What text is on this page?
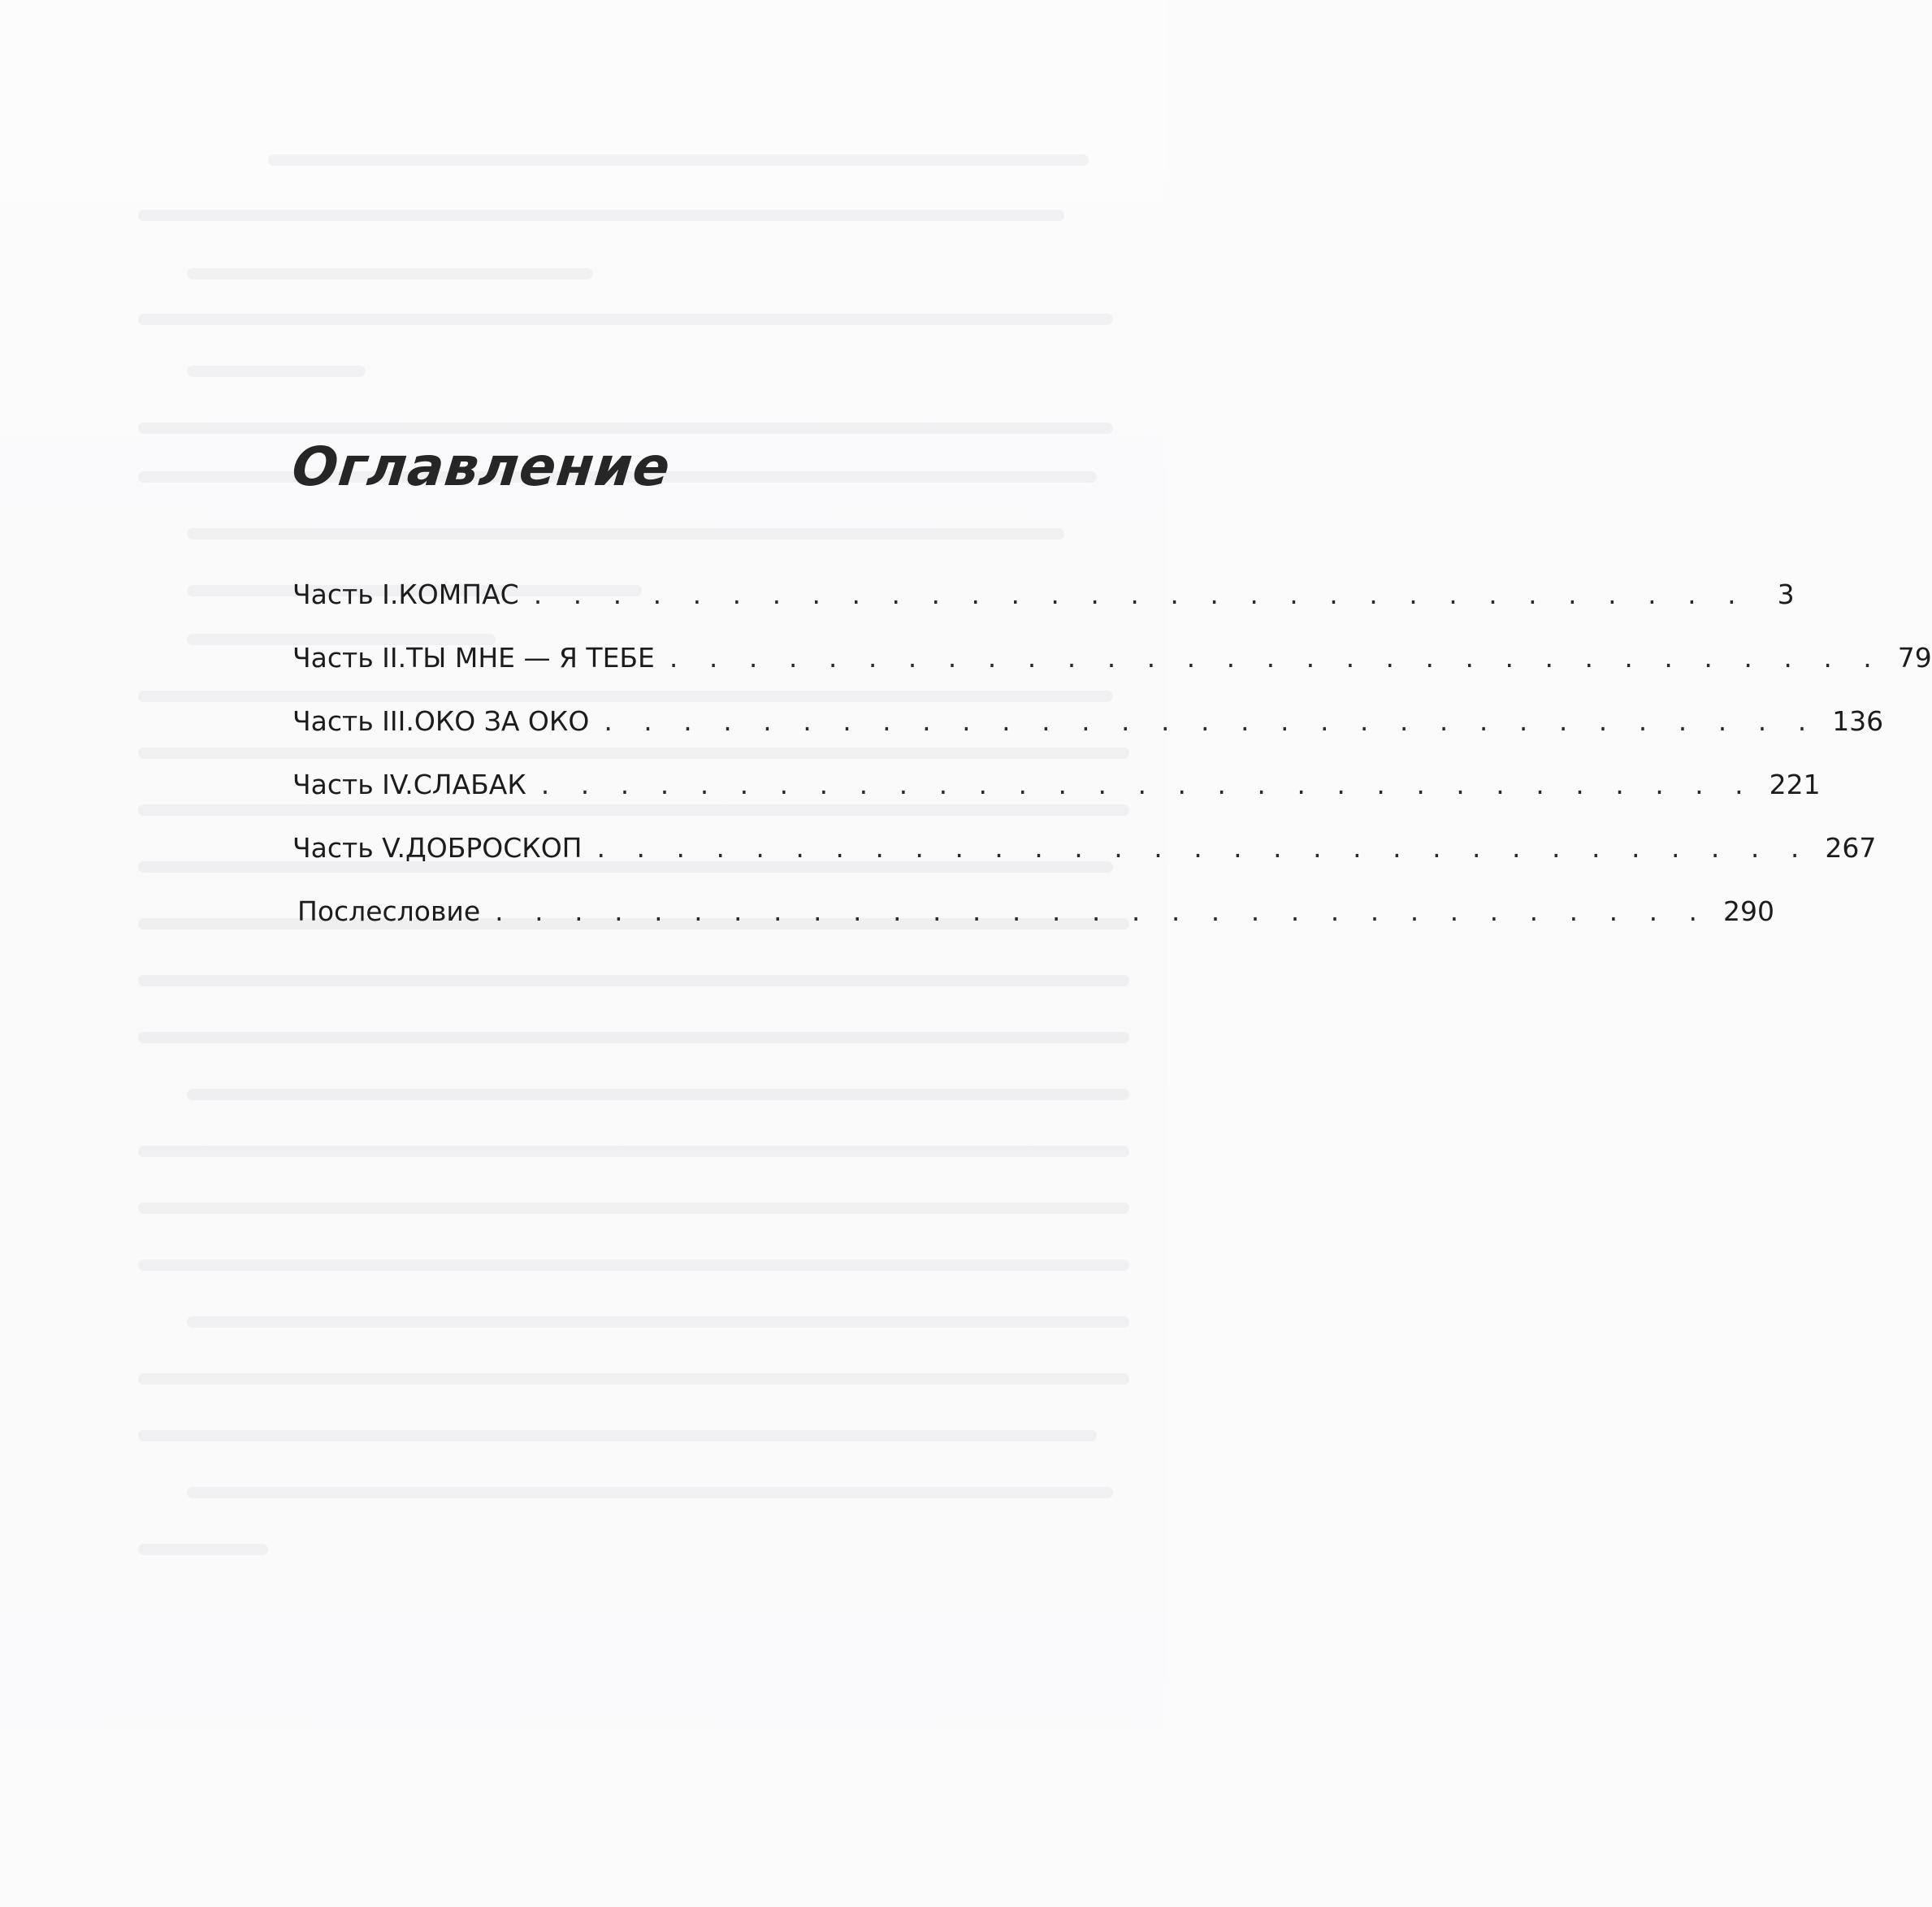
Оглавление
Часть I. КОМПАС . . . . . . . . . . . . . . . . . . . . . . . . . . . . . . .	3
Часть II. ТЫ МНЕ — Я ТЕБЕ . . . . . . . . . . . . . . . . . . . . . . . . . . . . . . . 79
Часть III. ОКО ЗА ОКО . . . . . . . . . . . . . . . . . . . . . . . . . . . . . . . 136
Часть IV. СЛАБАК . . . . . . . . . . . . . . . . . . . . . . . . . . . . . . . 221
Часть V. ДОБРОСКОП . . . . . . . . . . . . . . . . . . . . . . . . . . . . . . . 267
Послесловие . . . . . . . . . . . . . . . . . . . . . . . . . . . . . . . 290
